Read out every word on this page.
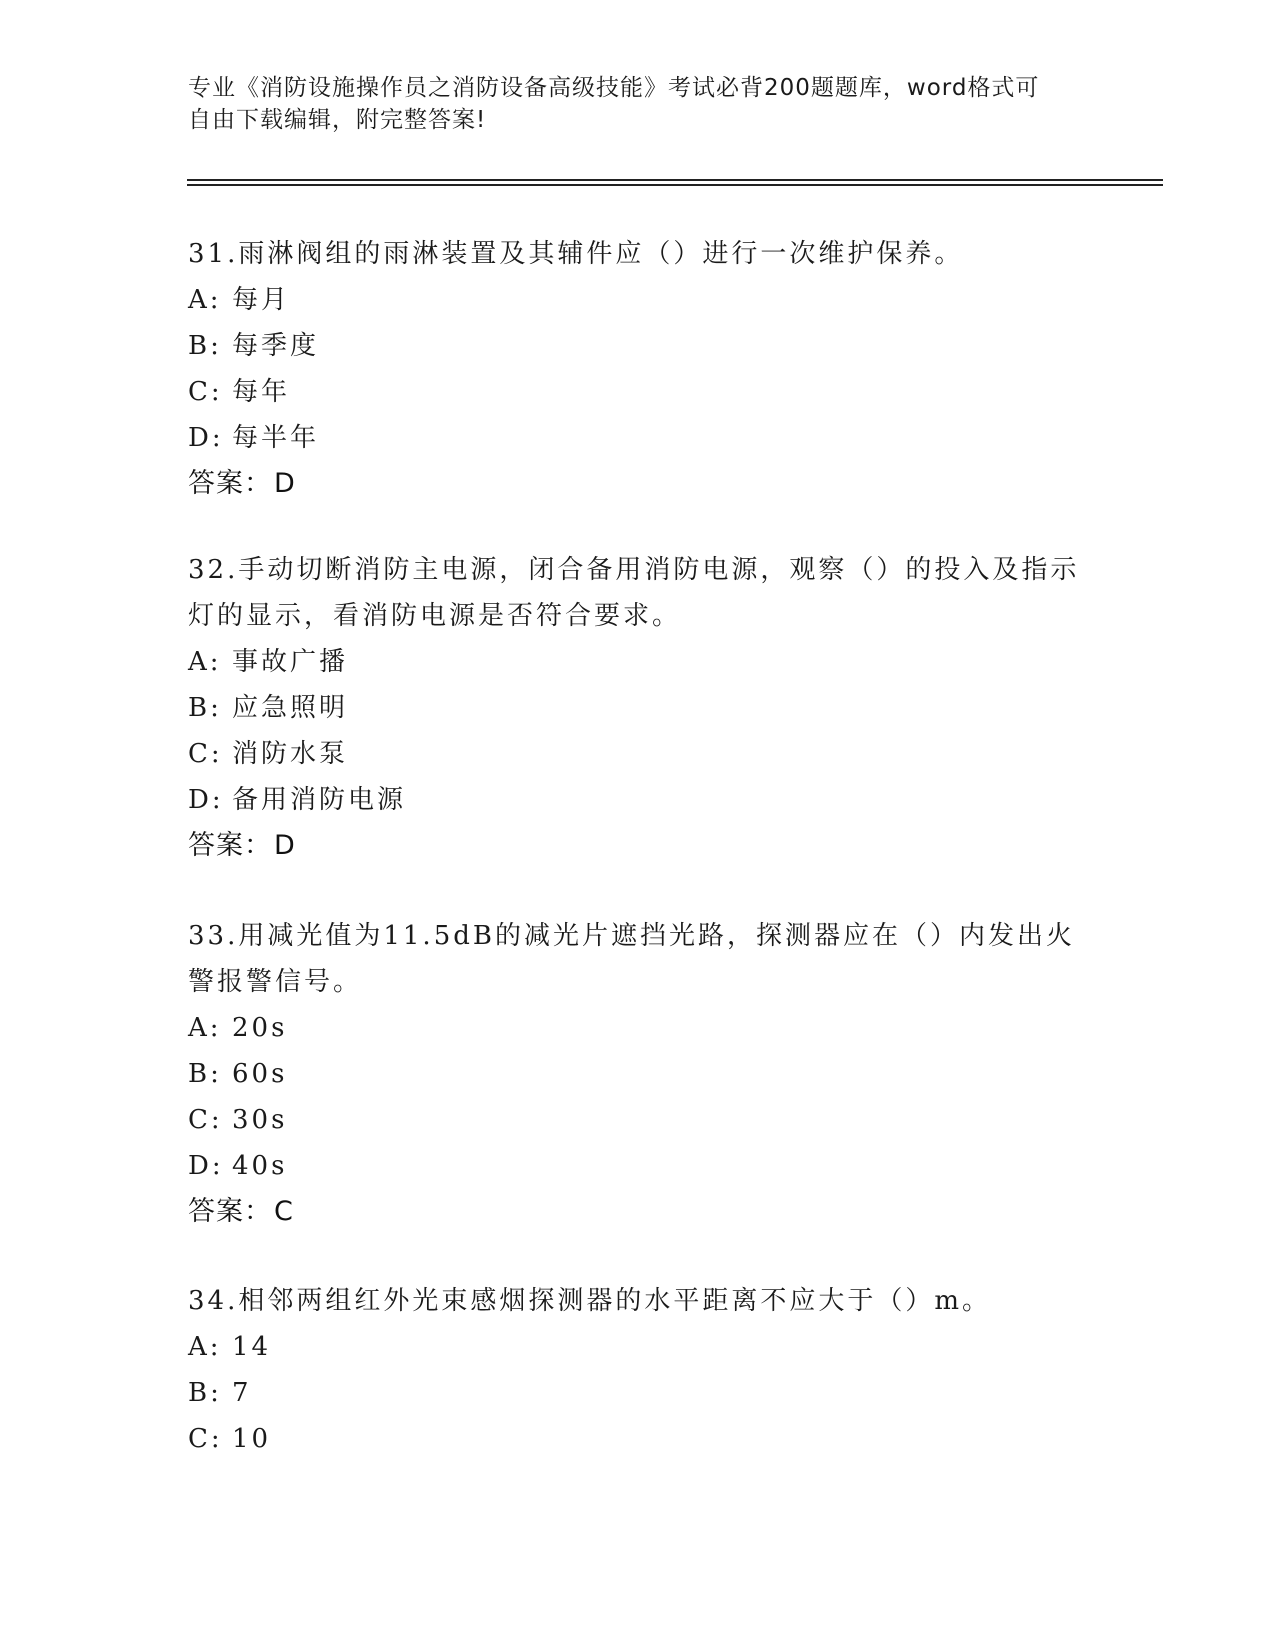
专业《消防设施操作员之消防设备高级技能》考试必背200题题库，word格式可
自由下载编辑，附完整答案!

31.雨淋阀组的雨淋装置及其辅件应（）进行一次维护保养。

A: 每月

B: 每季度

C: 每年

D: 每半年

答案：D

32.手动切断消防主电源，闭合备用消防电源，观察（）的投入及指示

灯的显示，看消防电源是否符合要求。

A: 事故广播

B: 应急照明

C: 消防水泵

D: 备用消防电源

答案：D

33.用减光值为11.5dB的减光片遮挡光路，探测器应在（）内发出火

警报警信号。

A: 20s

B: 60s

C: 30s

D: 40s

答案：C

34.相邻两组红外光束感烟探测器的水平距离不应大于（）m。

A: 14

B: 7

C: 10
